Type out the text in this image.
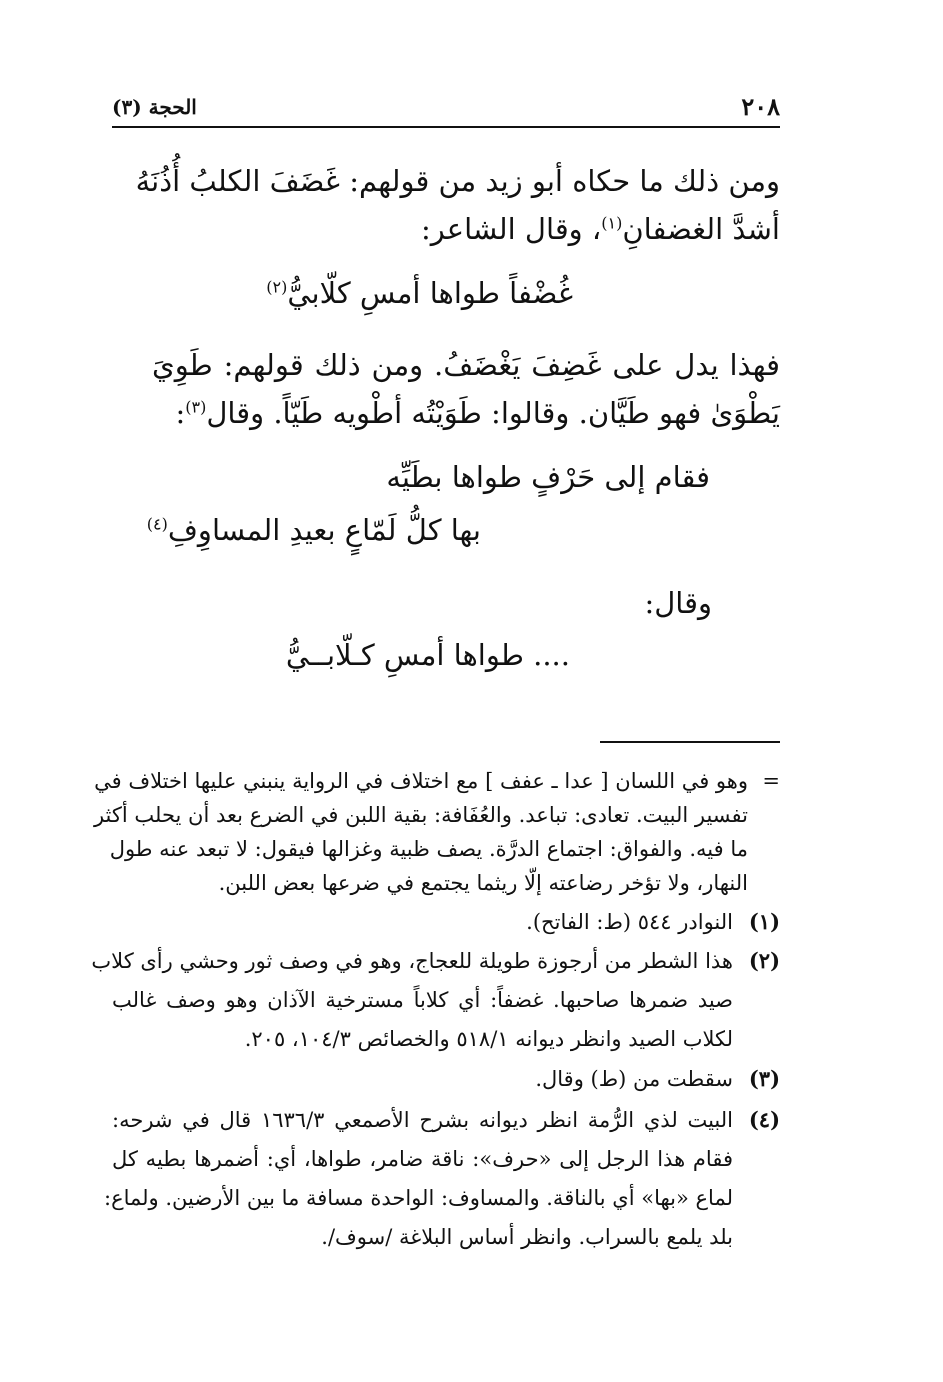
٢٠٨
الحجة (٣)
ومن ذلك ما حكاه أبو زيد من قولهم: غَضَفَ الكلبُ أُذُنَهُ
أشدَّ الغضفانِ$^{(١)}$، وقال الشاعر:
غُضْفاً طواها أمسِ كلّابيُّ$^{(٢)}$
فهذا يدل على غَضِفَ يَغْضَفُ. ومن ذلك قولهم: طَوِيَ
يَطْوَىٰ فهو طَيَّان. وقالوا: طَوَيْتُه أطْويه طَيّاً. وقال$^{(٣)}$:
فقام إلى حَرْفٍ طواها بطَيِّه
بها كلُّ لَمّاعٍ بعيدِ المساوِفِ$^{(٤)}$
وقال:
.... طواها أمسِ كـلّابــيُّ
=
وهو في اللسان [ عدا ـ عفف ] مع اختلاف في الرواية ينبني عليها اختلاف في
تفسير البيت. تعادى: تباعد. والعُفَافة: بقية اللبن في الضرع بعد أن يحلب أكثر
ما فيه. والفواق: اجتماع الدرَّة. يصف ظبية وغزالها فيقول: لا تبعد عنه طول
النهار، ولا تؤخر رضاعته إلّا ريثما يجتمع في ضرعها بعض اللبن.
(١)
النوادر ٥٤٤ (ط: الفاتح).
(٢)
هذا الشطر من أرجوزة طويلة للعجاج، وهو في وصف ثور وحشي رأى كلاب
صيد ضمرها صاحبها. غضفاً: أي كلاباً مسترخية الآذان وهو وصف غالب
لكلاب الصيد وانظر ديوانه ٥١٨/١ والخصائص ١٠٤/٣، ٢٠٥.
(٣)
سقطت من (ط) وقال.
(٤)
البيت لذي الرُّمة انظر ديوانه بشرح الأصمعي ١٦٣٦/٣ قال في شرحه:
فقام هذا الرجل إلى «حرف»: ناقة ضامر، طواها، أي: أضمرها بطيه كل
لماع «بها» أي بالناقة. والمساوف: الواحدة مسافة ما بين الأرضين. ولماع:
بلد يلمع بالسراب. وانظر أساس البلاغة /سوف/.
